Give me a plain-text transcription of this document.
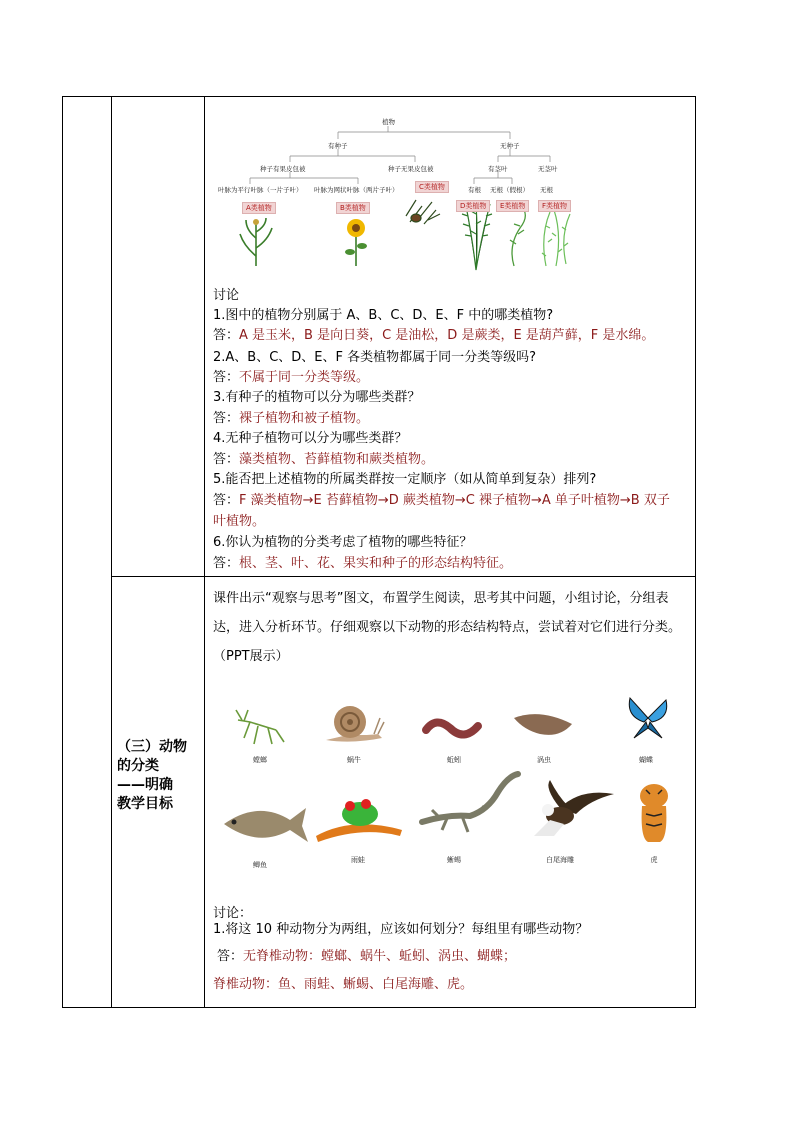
（三）动物
的分类
——明确
教学目标
植物
有种子	无种子
种子有果皮包被	种子无果皮包被	有茎叶	无茎叶
叶脉为平行叶脉（一片子叶） 叶脉为网状叶脉（两片子叶）	有根 无根（假根） 无根
A类植物	B类植物
C类植物
D类植物	E类植物	F类植物
讨论
1.图中的植物分别属于 A、B、C、D、E、F 中的哪类植物?
答：A 是玉米，B 是向日葵，C 是油松，D 是蕨类，E 是葫芦藓，F 是水绵。
2.A、B、C、D、E、F 各类植物都属于同一分类等级吗?
答：不属于同一分类等级。
3.有种子的植物可以分为哪些类群？
答：裸子植物和被子植物。
4.无种子植物可以分为哪些类群？
答：藻类植物、苔藓植物和蕨类植物。
5.能否把上述植物的所属类群按一定顺序（如从简单到复杂）排列?
答：F 藻类植物→E 苔藓植物→D 蕨类植物→C 裸子植物→A 单子叶植物→B 双子
叶植物。
6.你认为植物的分类考虑了植物的哪些特征？
答：根、茎、叶、花、果实和种子的形态结构特征。
课件出示“观察与思考”图文，布置学生阅读，思考其中问题，小组讨论，分组表达，进入分析环节。仔细观察以下动物的形态结构特点，尝试着对它们进行分类。（PPT展示）
螳螂	蜗牛	蚯蚓	涡虫	蝴蝶
鲫鱼
雨蛙	蜥蜴	白尾海雕	虎
讨论：
1.将这 10 种动物分为两组，应该如何划分？每组里有哪些动物？
答：无脊椎动物：螳螂、蜗牛、蚯蚓、涡虫、蝴蝶；
脊椎动物：鱼、雨蛙、蜥蜴、白尾海雕、虎。
